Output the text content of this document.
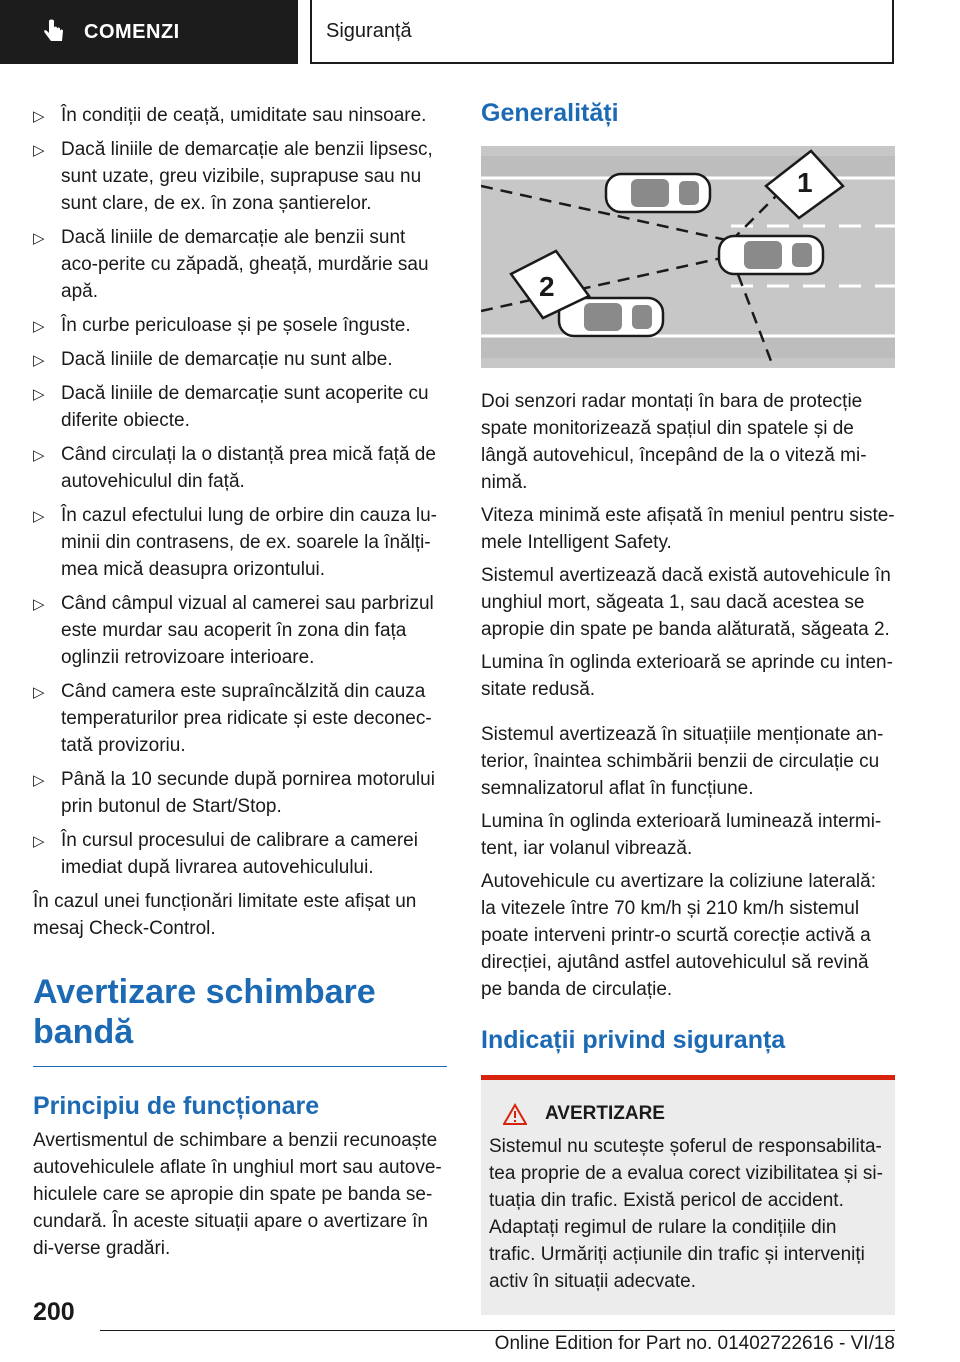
COMENZI	Siguranță
▷ În condiții de ceață, umiditate sau ninsoare.
▷ Dacă liniile de demarcație ale benzii lipsesc, sunt uzate, greu vizibile, suprapuse sau nu sunt clare, de ex. în zona șantierelor.
▷ Dacă liniile de demarcație ale benzii sunt aco‐perite cu zăpadă, gheață, murdărie sau apă.
▷ În curbe periculoase și pe șosele înguste.
▷ Dacă liniile de demarcație nu sunt albe.
▷ Dacă liniile de demarcație sunt acoperite cu diferite obiecte.
▷ Când circulați la o distanță prea mică față de autovehiculul din față.
▷ În cazul efectului lung de orbire din cauza lu‐minii din contrasens, de ex. soarele la înălți‐mea mică deasupra orizontului.
▷ Când câmpul vizual al camerei sau parbrizul este murdar sau acoperit în zona din fața oglinzii retrovizoare interioare.
▷ Când camera este supraîncălzită din cauza temperaturilor prea ridicate și este deconec‐tată provizoriu.
▷ Până la 10 secunde după pornirea motorului prin butonul de Start/Stop.
▷ În cursul procesului de calibrare a camerei imediat după livrarea autovehiculului.

În cazul unei funcționări limitate este afișat un mesaj Check-Control.

Avertizare schimbare bandă
Principiu de funcționare

Avertismentul de schimbare a benzii recunoaște autovehiculele aflate în unghiul mort sau autove‐hiculele care se apropie din spate pe banda se‐cundară. În aceste situații apare o avertizare în di‐verse gradări.

Generalități
1
2

Doi senzori radar montați în bara de protecție spate monitorizează spațiul din spatele și de lângă autovehicul, începând de la o viteză mi‐nimă.

Viteza minimă este afișată în meniul pentru siste‐mele Intelligent Safety.

Sistemul avertizează dacă există autovehicule în unghiul mort, săgeata 1, sau dacă acestea se apropie din spate pe banda alăturată, săgeata 2.

Lumina în oglinda exterioară se aprinde cu inten‐sitate redusă.

Sistemul avertizează în situațiile menționate an‐terior, înaintea schimbării benzii de circulație cu semnalizatorul aflat în funcțiune.

Lumina în oglinda exterioară luminează intermi‐tent, iar volanul vibrează.

Autovehicule cu avertizare la coliziune laterală: la vitezele între 70 km/h și 210 km/h sistemul poate interveni printr-o scurtă corecție activă a direcției, ajutând astfel autovehiculul să revină pe banda de circulație.

Indicații privind siguranța
AVERTIZARE

Sistemul nu scutește șoferul de responsabilita‐tea proprie de a evalua corect vizibilitatea și si‐tuația din trafic. Există pericol de accident. Adaptați regimul de rulare la condițiile din trafic. Urmăriți acțiunile din trafic și interveniți activ în situații adecvate.

200
Online Edition for Part no. 01402722616 - VI/18
